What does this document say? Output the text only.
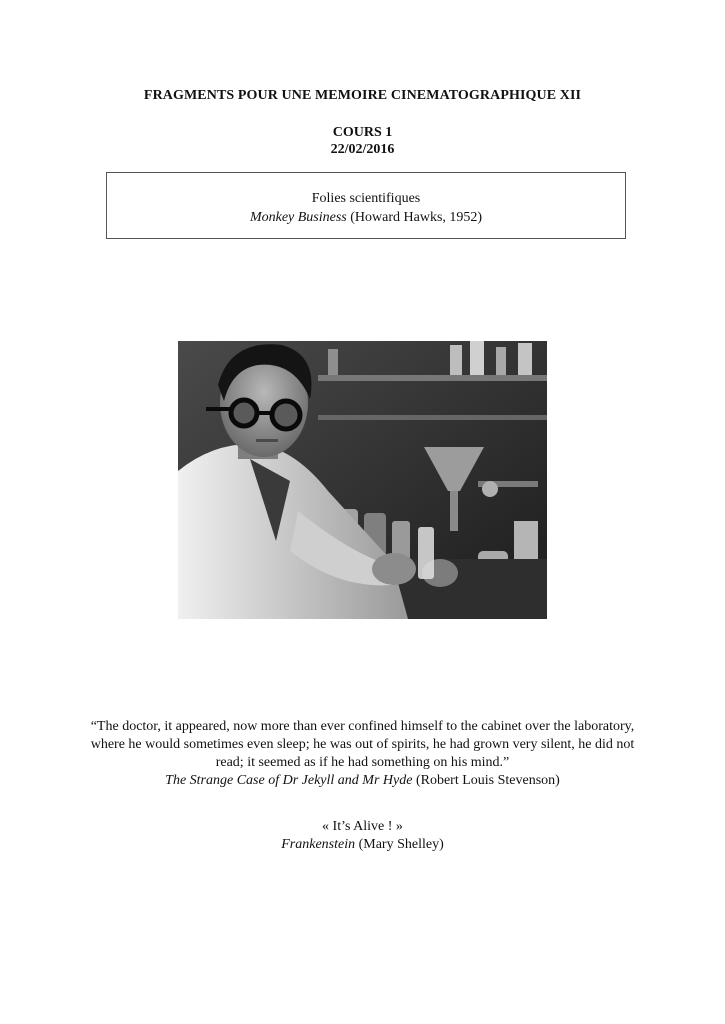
FRAGMENTS POUR UNE MEMOIRE CINEMATOGRAPHIQUE XII
COURS 1
22/02/2016
Folies scientifiques
Monkey Business (Howard Hawks, 1952)
“The doctor, it appeared, now more than ever confined himself to the cabinet over the laboratory, where he would sometimes even sleep; he was out of spirits, he had grown very silent, he did not read; it seemed as if he had something on his mind.”
The Strange Case of Dr Jekyll and Mr Hyde (Robert Louis Stevenson)
« It’s Alive ! »
Frankenstein (Mary Shelley)
